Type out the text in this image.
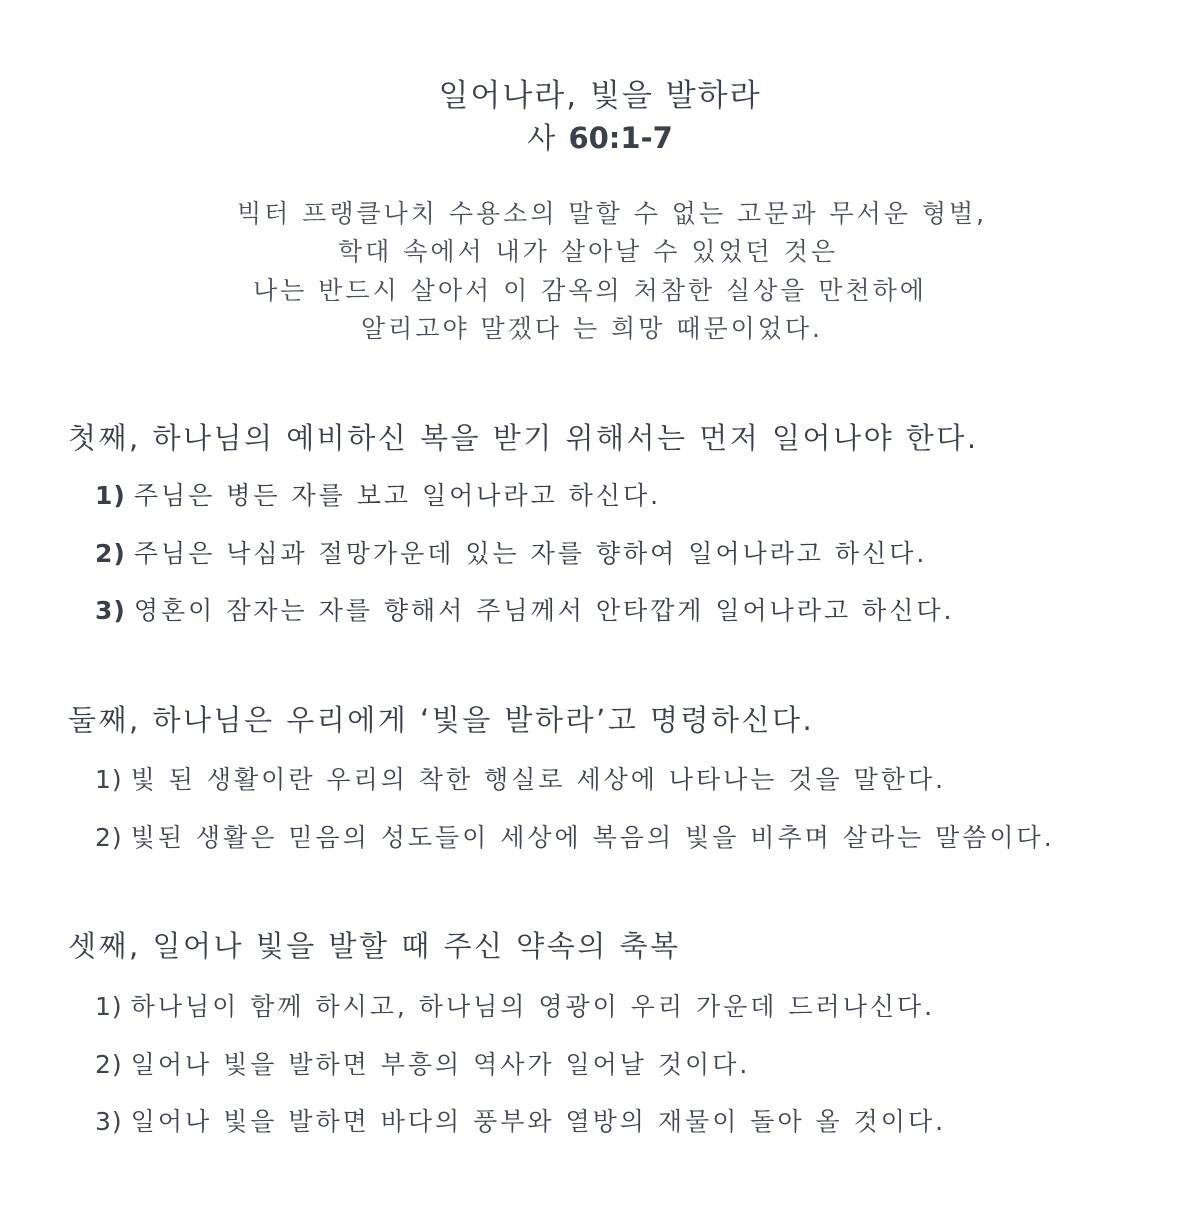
일어나라, 빛을 발하라
사 60:1-7
빅터 프랭클나치 수용소의 말할 수 없는 고문과 무서운 형벌,
학대 속에서 내가 살아날 수 있었던 것은
나는 반드시 살아서 이 감옥의 처참한 실상을 만천하에
알리고야 말겠다 는 희망 때문이었다.
첫째, 하나님의 예비하신 복을 받기 위해서는 먼저 일어나야 한다.
1) 주님은 병든 자를 보고 일어나라고 하신다.
2) 주님은 낙심과 절망가운데 있는 자를 향하여 일어나라고 하신다.
3) 영혼이 잠자는 자를 향해서 주님께서 안타깝게 일어나라고 하신다.
둘째, 하나님은 우리에게 ‘빛을 발하라’고 명령하신다.
1) 빛 된 생활이란 우리의 착한 행실로 세상에 나타나는 것을 말한다.
2) 빛된 생활은 믿음의 성도들이 세상에 복음의 빛을 비추며 살라는 말씀이다.
셋째, 일어나 빛을 발할 때 주신 약속의 축복
1) 하나님이 함께 하시고, 하나님의 영광이 우리 가운데 드러나신다.
2) 일어나 빛을 발하면 부흥의 역사가 일어날 것이다.
3) 일어나 빛을 발하면 바다의 풍부와 열방의 재물이 돌아 올 것이다.
